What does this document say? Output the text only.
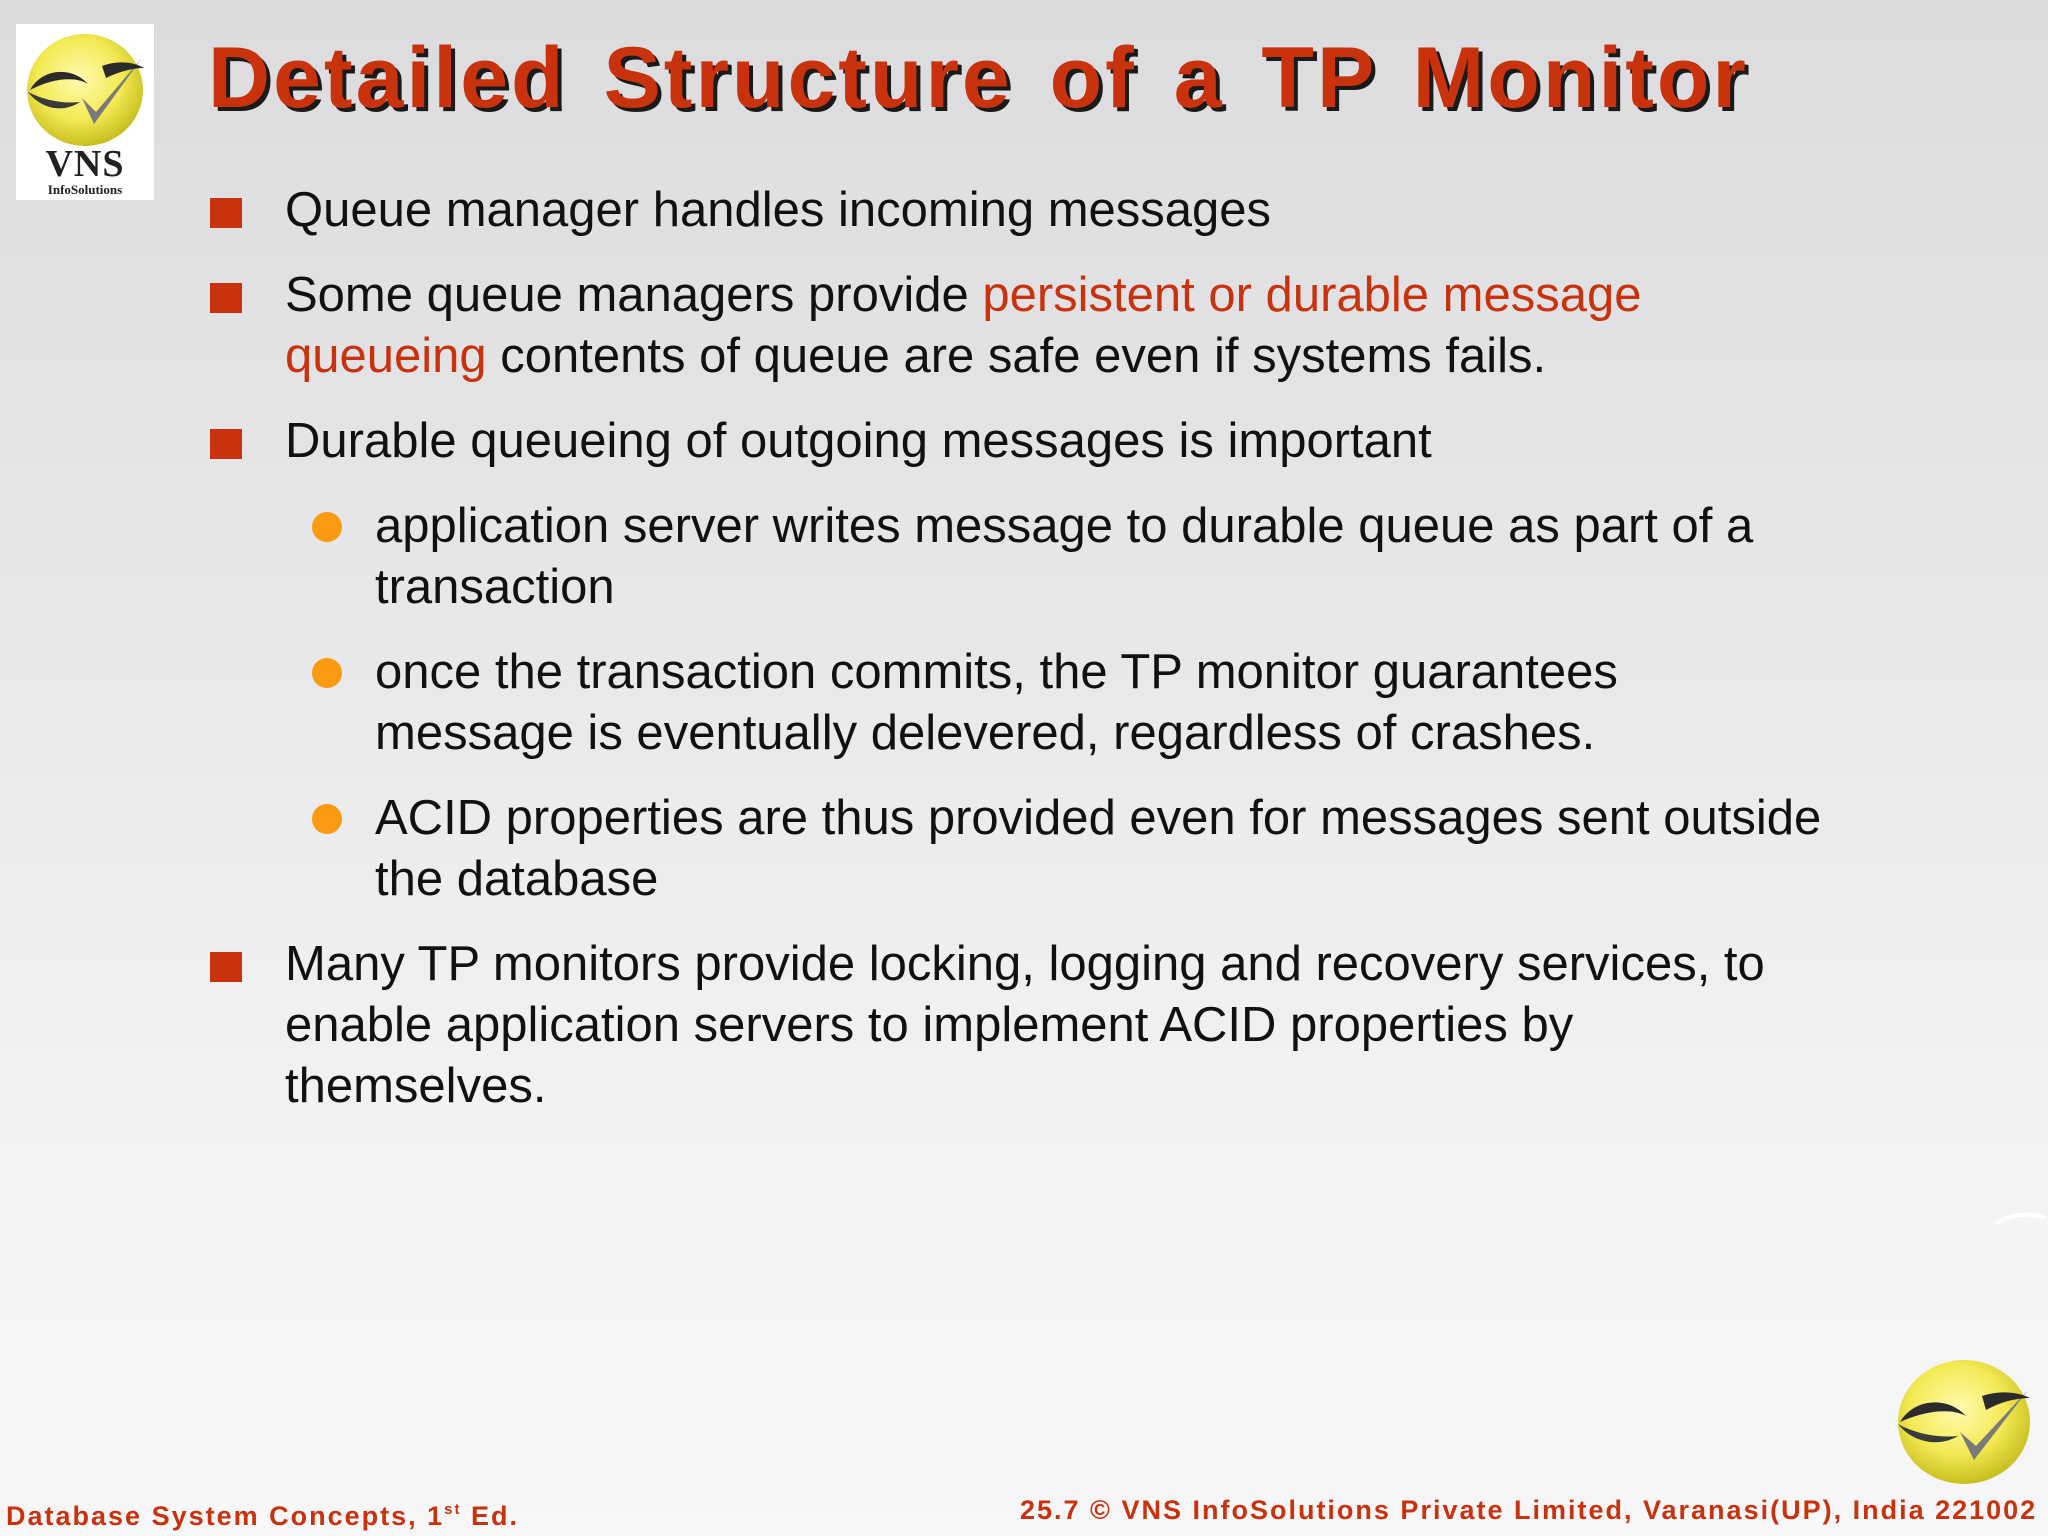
VNS
InfoSolutions
Detailed Structure of a TP Monitor
Queue manager handles incoming messages
Some queue managers provide persistent or durable message queueing contents of queue are safe even if systems fails.
Durable queueing of outgoing messages is important
application server writes message to durable queue as part of a transaction
once the transaction commits, the TP monitor guarantees message is eventually delevered, regardless of crashes.
ACID properties are thus provided even for messages sent outside the database
Many TP monitors provide locking, logging and recovery services, to enable application servers to implement ACID properties by themselves.
Database System Concepts, 1st Ed.	25.7 © VNS InfoSolutions Private Limited, Varanasi(UP), India 221002
